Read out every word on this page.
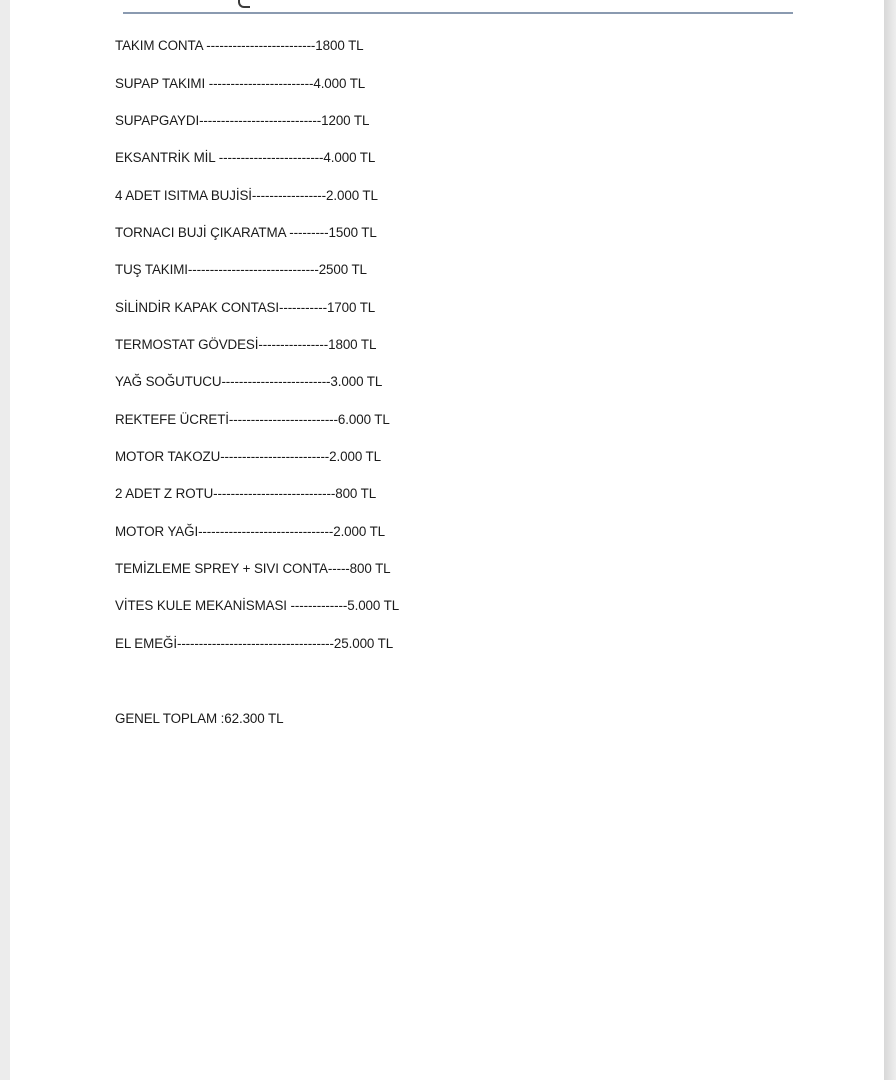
TAKIM CONTA -------------------------1800 TL
SUPAP TAKIMI ------------------------4.000 TL
SUPAPGAYDI----------------------------1200 TL
EKSANTRİK MİL ------------------------4.000 TL
4 ADET ISITMA BUJİSİ-----------------2.000 TL
TORNACI BUJİ ÇIKARATMA ---------1500 TL
TUŞ TAKIMI------------------------------2500 TL
SİLİNDİR KAPAK CONTASI-----------1700 TL
TERMOSTAT GÖVDESİ----------------1800 TL
YAĞ SOĞUTUCU-------------------------3.000 TL
REKTEFE ÜCRETİ-------------------------6.000 TL
MOTOR TAKOZU-------------------------2.000 TL
2 ADET Z ROTU----------------------------800 TL
MOTOR YAĞI-------------------------------2.000 TL
TEMİZLEME SPREY + SIVI CONTA-----800 TL
VİTES KULE MEKANİSMASI -------------5.000 TL
EL EMEĞİ------------------------------------25.000 TL
GENEL TOPLAM :62.300 TL
